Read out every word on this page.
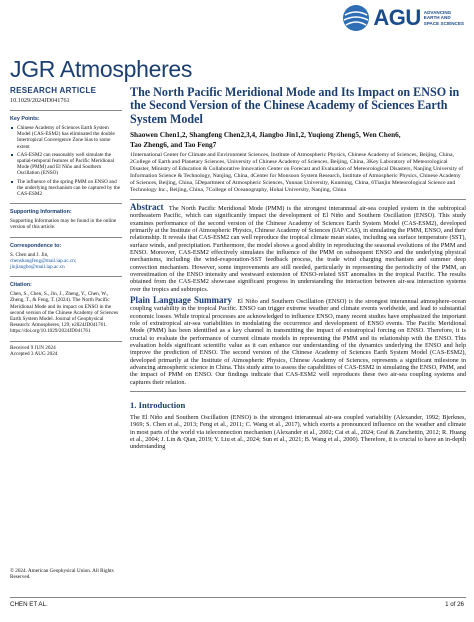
AGU ADVANCING
EARTH AND
SPACE SCIENCES
JGR Atmospheres
RESEARCH ARTICLE
10.1029/2024JD041761
Key Points:
Chinese Academy of Sciences Earth System Model (CAS-ESM2) has eliminated the double Intertropical Convergence Zone bias to some extent
CAS-ESM2 can reasonably well simulate the spatial-temporal features of Pacific Meridional Mode (PMM) and El Niño and Southern Oscillation (ENSO)
The influence of the spring PMM on ENSO and the underlying mechanism can be captured by the CAS-ESM2
Supporting Information:
Supporting Information may be found in the online version of this article.
Correspondence to:
S. Chen and J. Jin,
chenshangfeng@mail.iap.ac.cn;
jinjiangbo@mail.iap.ac.cn
Citation:
Chen, S., Chen, S., Jin, J., Zheng, Y., Chen, W., Zheng, T., & Feng, T. (2024). The North Pacific Meridional Mode and its impact on ENSO in the second version of the Chinese Academy of Sciences Earth System Model. Journal of Geophysical Research: Atmospheres, 129, e2024JD041761. https://doi.org/10.1029/2024JD041761
Received 9 JUN 2024
Accepted 3 AUG 2024
The North Pacific Meridional Mode and Its Impact on ENSO in the Second Version of the Chinese Academy of Sciences Earth System Model
Shaowen Chen1,2, Shangfeng Chen2,3,4, Jiangbo Jin1,2, Yuqiong Zheng5, Wen Chen6,
Tao Zheng6, and Tao Feng7
1International Center for Climate and Environment Sciences, Institute of Atmospheric Physics, Chinese Academy of Sciences, Beijing, China, 2College of Earth and Planetary Sciences, University of Chinese Academy of Sciences, Beijing, China, 3Key Laboratory of Meteorological Disaster, Ministry of Education & Collaborative Innovation Center on Forecast and Evaluation of Meteorological Disasters, Nanjing University of Information Science & Technology, Nanjing, China, 4Center for Monsoon System Research, Institute of Atmospheric Physics, Chinese Academy of Sciences, Beijing, China, 5Department of Atmospheric Sciences, Yunnan University, Kunming, China, 6Tianjin Meteorological Science and Technology Inc., Beijing, China, 7College of Oceanography, Hohai University, Nanjing, China

Abstract The North Pacific Meridional Mode (PMM) is the strongest interannual air-sea coupled system in the subtropical northeastern Pacific, which can significantly impact the development of El Niño and Southern Oscillation (ENSO). This study examines performance of the second version of the Chinese Academy of Sciences Earth System Model (CAS-ESM2), developed primarily at the Institute of Atmospheric Physics, Chinese Academy of Sciences (IAP/CAS), in simulating the PMM, ENSO, and their relationship. It reveals that CAS-ESM2 can well reproduce the tropical climate mean states, including sea surface temperature (SST), surface winds, and precipitation. Furthermore, the model shows a good ability in reproducing the seasonal evolutions of the PMM and ENSO. Moreover, CAS-ESM2 effectively simulates the influence of the PMM on subsequent ENSO and the underlying physical mechanisms, including the wind-evaporation-SST feedback process, the trade wind charging mechanism and summer deep convection mechanism. However, some improvements are still needed, particularly in representing the periodicity of the PMM, an overestimation of the ENSO intensity and westward extension of ENSO-related SST anomalies in the tropical Pacific. The results obtained from the CAS-ESM2 showcase significant progress in understanding the interaction between air-sea interaction systems over the tropics and subtropics.

Plain Language Summary El Niño and Southern Oscillation (ENSO) is the strongest interannual atmosphere-ocean coupling variability in the tropical Pacific. ENSO can trigger extreme weather and climate events worldwide, and lead to substantial economic losses. While tropical processes are acknowledged to influence ENSO, many recent studies have emphasized the important role of extratropical air-sea variabilities in modulating the occurrence and development of ENSO events. The Pacific Meridional Mode (PMM) has been identified as a key channel in transmitting the impact of extratropical forcing on ENSO. Therefore, it is crucial to evaluate the performance of current climate models in representing the PMM and its relationship with the ENSO. This evaluation holds significant scientific value as it can enhance our understanding of the dynamics underlying the ENSO and help improve the prediction of ENSO. The second version of the Chinese Academy of Sciences Earth System Model (CAS-ESM2), developed primarily at the Institute of Atmospheric Physics, Chinese Academy of Sciences, represents a significant milestone in advancing atmospheric science in China. This study aims to assess the capabilities of CAS-ESM2 in simulating the ENSO, PMM, and the impact of PMM on ENSO. Our findings indicate that CAS-ESM2 well reproduces these two air-sea coupling systems and captures their relation.

1. Introduction

The El Niño and Southern Oscillation (ENSO) is the strongest interannual air-sea coupled variability (Alexander, 1992; Bjerknes, 1969; S. Chen et al., 2013; Feng et al., 2011; C. Wang et al., 2017), which exerts a pronounced influence on the weather and climate in most parts of the world via teleconnection mechanism (Alexander et al., 2002; Cai et al., 2024; Graf & Zanchettin, 2012; R. Huang et al., 2004; J. Lin & Qian, 2019; Y. Liu et al., 2024; Sun et al., 2021; B. Wang et al., 2000). Therefore, it is crucial to have an in-depth understanding

© 2024. American Geophysical Union. All Rights Reserved.
CHEN ET AL.	1 of 26
